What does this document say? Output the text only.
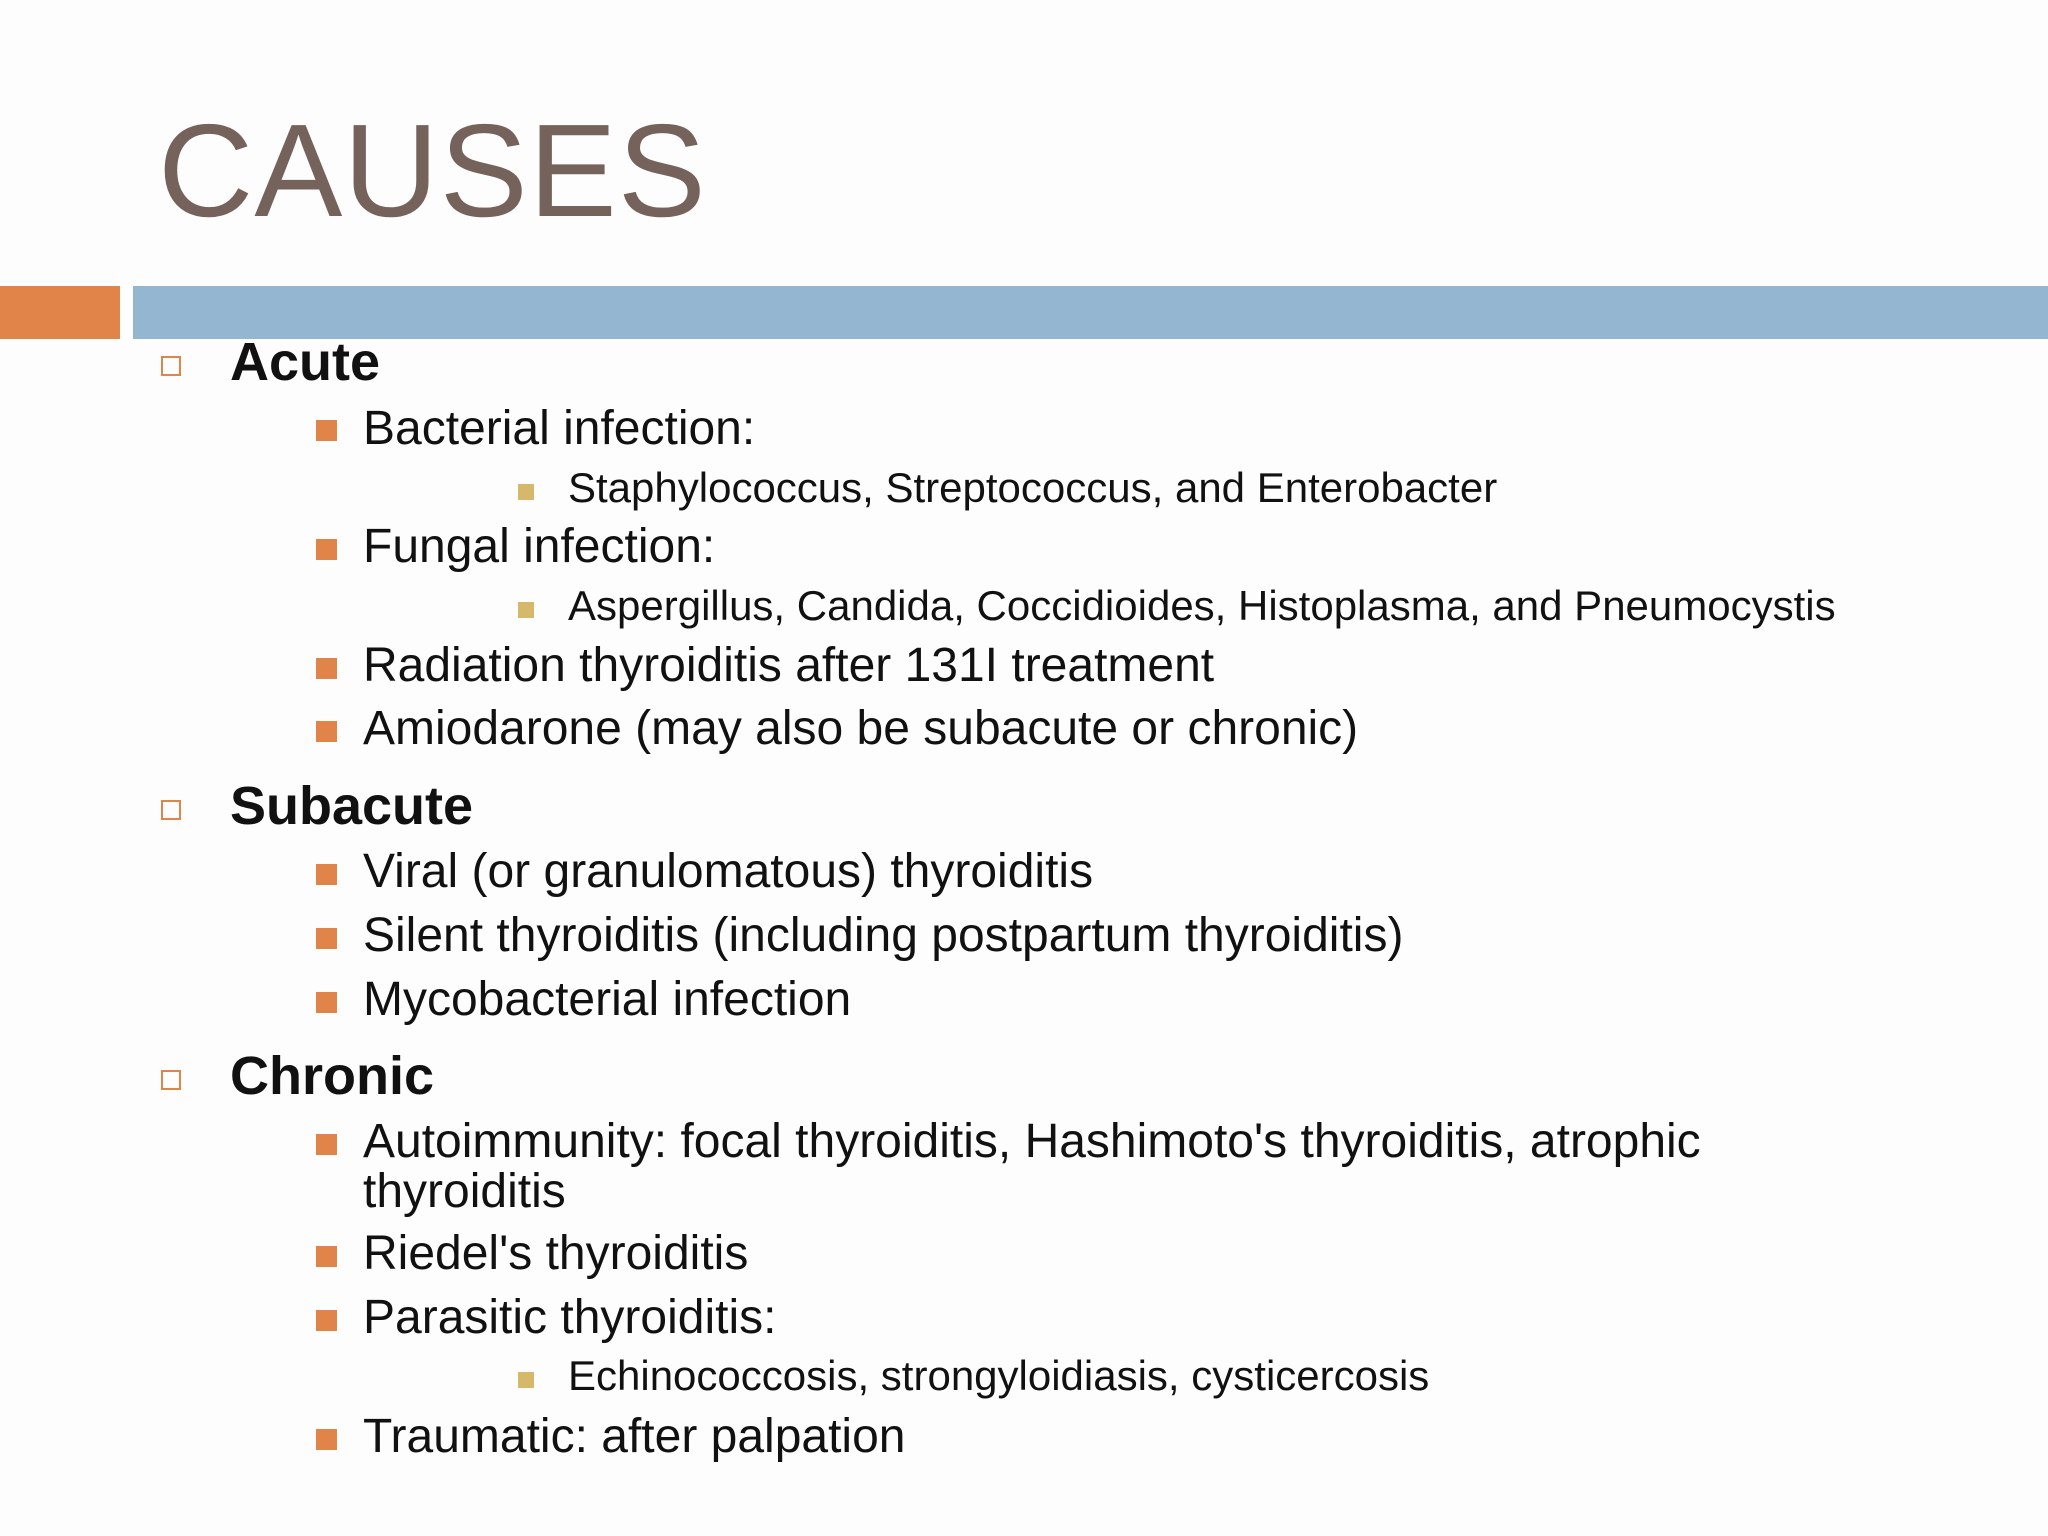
CAUSES
Acute
Bacterial infection:
Staphylococcus, Streptococcus, and Enterobacter
Fungal infection:
Aspergillus, Candida, Coccidioides, Histoplasma, and Pneumocystis
Radiation thyroiditis after 131I treatment
Amiodarone (may also be subacute or chronic)
Subacute
Viral (or granulomatous) thyroiditis
Silent thyroiditis (including postpartum thyroiditis)
Mycobacterial infection
Chronic
Autoimmunity: focal thyroiditis, Hashimoto's thyroiditis, atrophic
thyroiditis
Riedel's thyroiditis
Parasitic thyroiditis:
Echinococcosis, strongyloidiasis, cysticercosis
Traumatic: after palpation
